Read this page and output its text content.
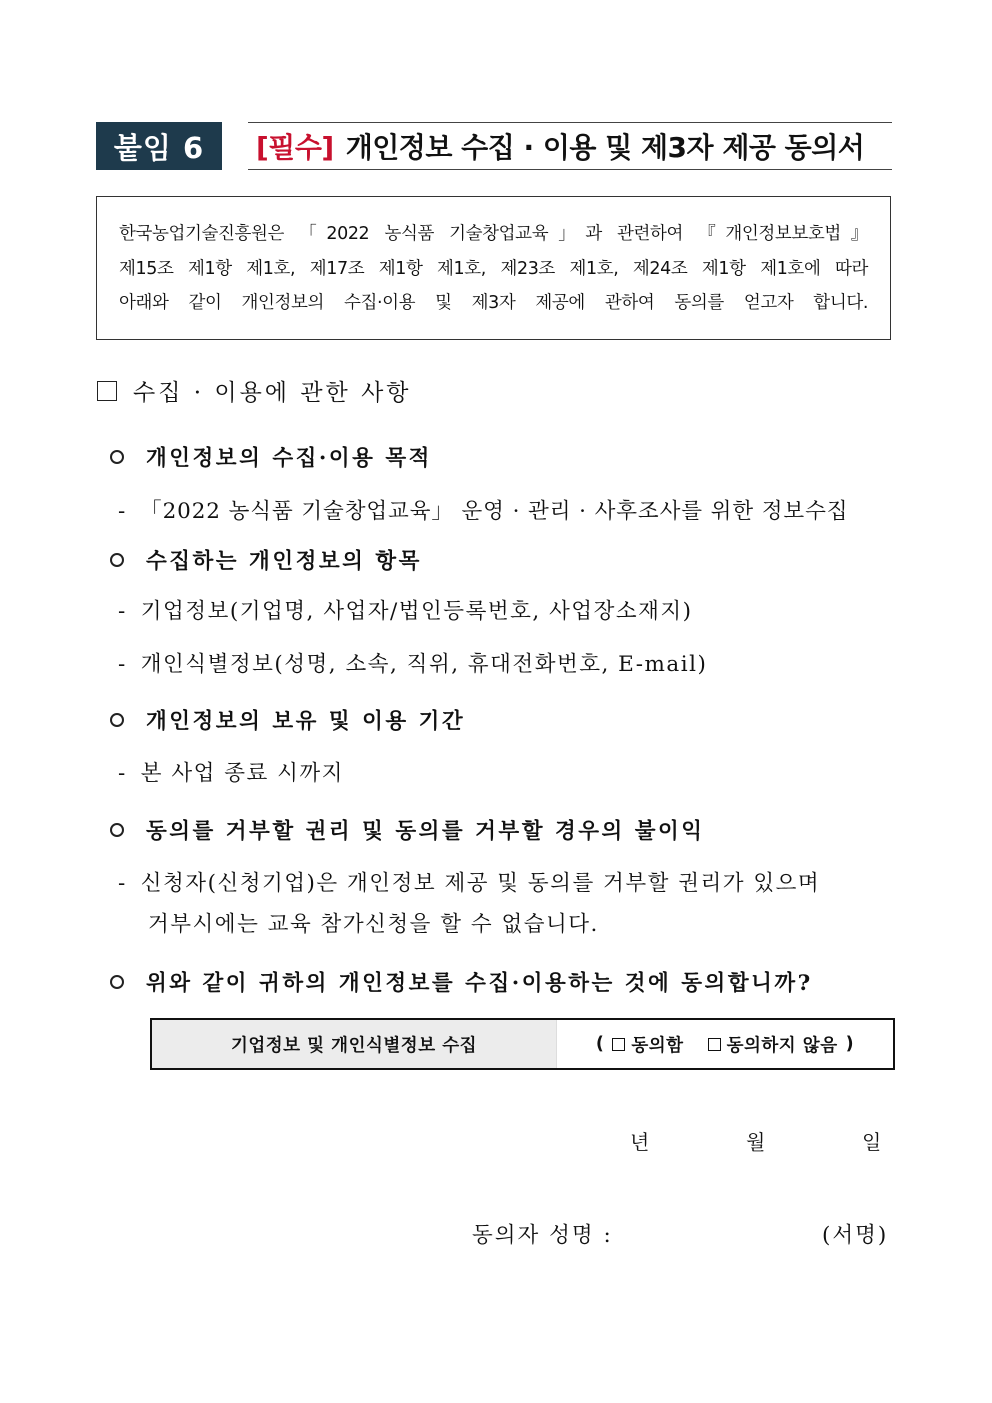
붙임 6	[필수] 개인정보 수집 · 이용 및 제3자 제공 동의서
한국농업기술진흥원은 「2022 농식품 기술창업교육」과 관련하여 『개인정보보호법』
제15조 제1항 제1호, 제17조 제1항 제1호, 제23조 제1호, 제24조 제1항 제1호에 따라
아래와 같이 개인정보의 수집·이용 및 제3자 제공에 관하여 동의를 얻고자 합니다.
수집 · 이용에 관한 사항
개인정보의 수집·이용 목적
- 「2022 농식품 기술창업교육」 운영 · 관리 · 사후조사를 위한 정보수집
수집하는 개인정보의 항목
- 기업정보(기업명, 사업자/법인등록번호, 사업장소재지)
- 개인식별정보(성명, 소속, 직위, 휴대전화번호, E-mail)
개인정보의 보유 및 이용 기간
- 본 사업 종료 시까지
동의를 거부할 권리 및 동의를 거부할 경우의 불이익
- 신청자(신청기업)은 개인정보 제공 및 동의를 거부할 권리가 있으며
거부시에는 교육 참가신청을 할 수 없습니다.
위와 같이 귀하의 개인정보를 수집·이용하는 것에 동의합니까?
기업정보 및 개인식별정보 수집	( 동의함 동의하지 않음 )
년	월	일
동의자 성명 :	(서명)
